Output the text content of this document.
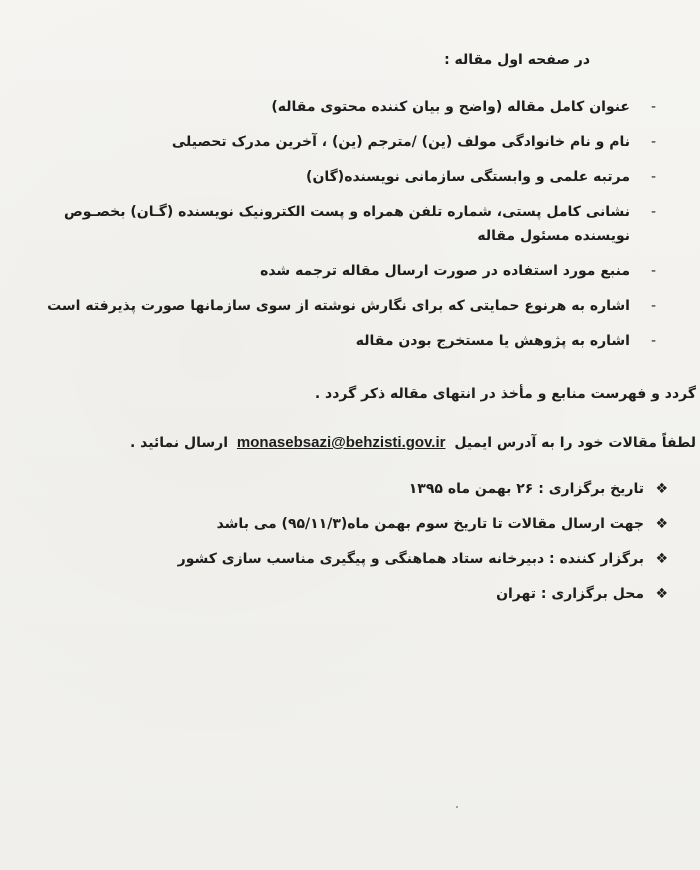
در صفحه اول مقاله :
-
عنوان کامل مقاله (واضح و بیان کننده محتوی مقاله)
-
نام و نام خانوادگی مولف (ین) /مترجم (ین) ، آخرین مدرک تحصیلی
-
مرتبه علمی و وابستگی سازمانی نویسنده(گان)
-
نشانی کامل پستی، شماره تلفن همراه و پست الکترونیک نویسنده (گـان) بخصـوص
نویسنده مسئول مقاله
-
منبع مورد استفاده در صورت ارسال مقاله ترجمه شده
-
اشاره به هرنوع حمایتی که برای نگارش نوشته از سوی سازمانها صورت پذیرفته است
-
اشاره به پژوهش یا مستخرج بودن مقاله
گردد و فهرست منابع و مأخذ در انتهای مقاله ذکر گردد .
لطفاً مقالات خود را به آدرس ایمیل monasebsazi@behzisti.gov.ir ارسال نمائید .
❖
تاریخ برگزاری : ۲۶ بهمن ماه ۱۳۹۵
❖
جهت ارسال مقالات تا تاریخ سوم بهمن ماه(۹۵/۱۱/۳) می باشد
❖
برگزار کننده : دبیرخانه ستاد هماهنگی و پیگیری مناسب سازی کشور
❖
محل برگزاری : تهران
